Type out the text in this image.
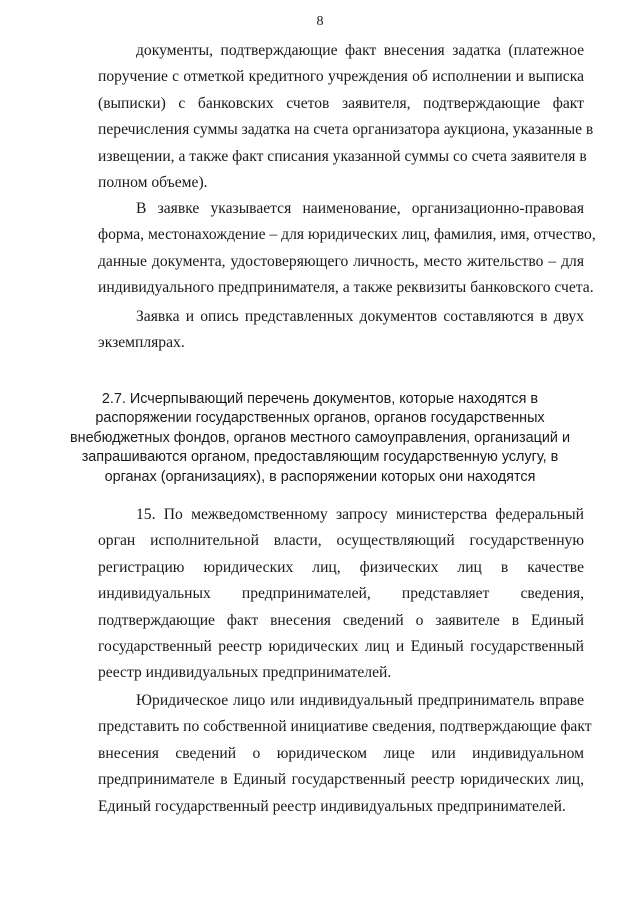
8
документы, подтверждающие факт внесения задатка (платежное
поручение с отметкой кредитного учреждения об исполнении и выписка
(выписки) с банковских счетов заявителя, подтверждающие факт
перечисления суммы задатка на счета организатора аукциона, указанные в
извещении, а также факт списания указанной суммы со счета заявителя в
полном объеме).
В заявке указывается наименование, организационно-правовая
форма, местонахождение – для юридических лиц, фамилия, имя, отчество,
данные документа, удостоверяющего личность, место жительство – для
индивидуального предпринимателя, а также реквизиты банковского счета.
Заявка и опись представленных документов составляются в двух
экземплярах.
2.7. Исчерпывающий перечень документов, которые находятся в
распоряжении государственных органов, органов государственных
внебюджетных фондов, органов местного самоуправления, организаций и
запрашиваются органом, предоставляющим государственную услугу, в
органах (организациях), в распоряжении которых они находятся
15. По межведомственному запросу министерства федеральный
орган исполнительной власти, осуществляющий государственную
регистрацию юридических лиц, физических лиц в качестве
индивидуальных предпринимателей, представляет сведения,
подтверждающие факт внесения сведений о заявителе в Единый
государственный реестр юридических лиц и Единый государственный
реестр индивидуальных предпринимателей.
Юридическое лицо или индивидуальный предприниматель вправе
представить по собственной инициативе сведения, подтверждающие факт
внесения сведений о юридическом лице или индивидуальном
предпринимателе в Единый государственный реестр юридических лиц,
Единый государственный реестр индивидуальных предпринимателей.
